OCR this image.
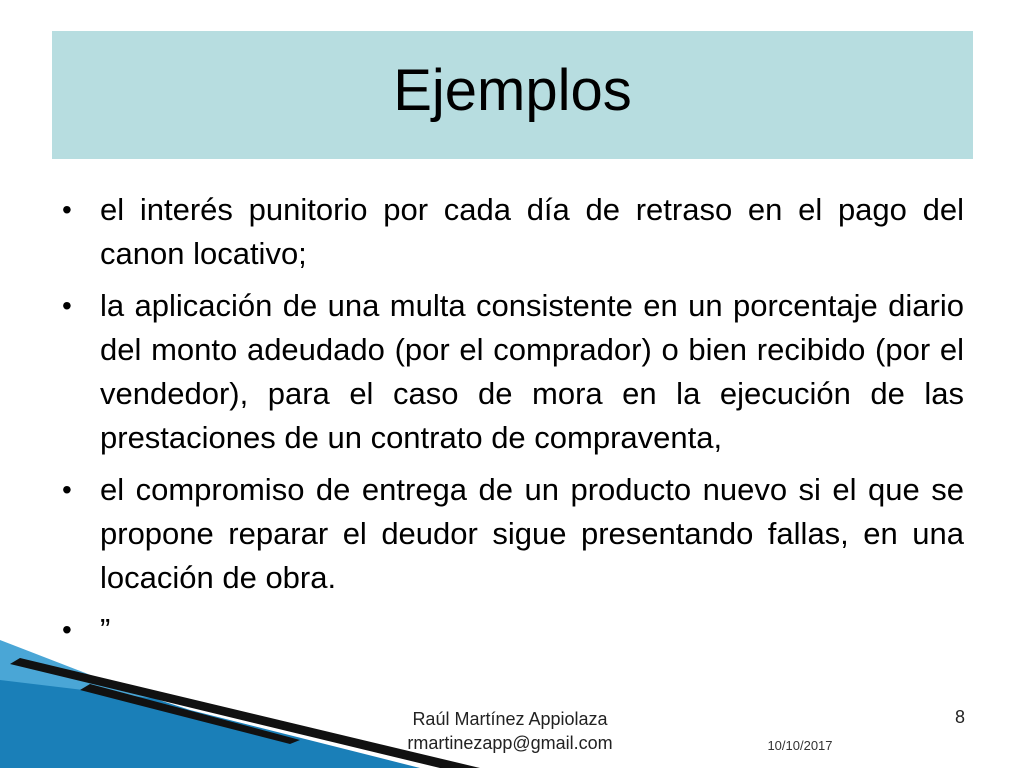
Ejemplos
• el interés punitorio por cada día de retraso en el pago del canon locativo;
• la aplicación de una multa consistente en un porcentaje diario del monto adeudado (por el comprador) o bien recibido (por el vendedor), para el caso de mora en la ejecución de las prestaciones de un contrato de compraventa,
• el compromiso de entrega de un producto nuevo si el que se propone reparar el deudor sigue presentando fallas, en una locación de obra.
• ”
Raúl Martínez Appiolaza
rmartinezapp@gmail.com
8
10/10/2017
